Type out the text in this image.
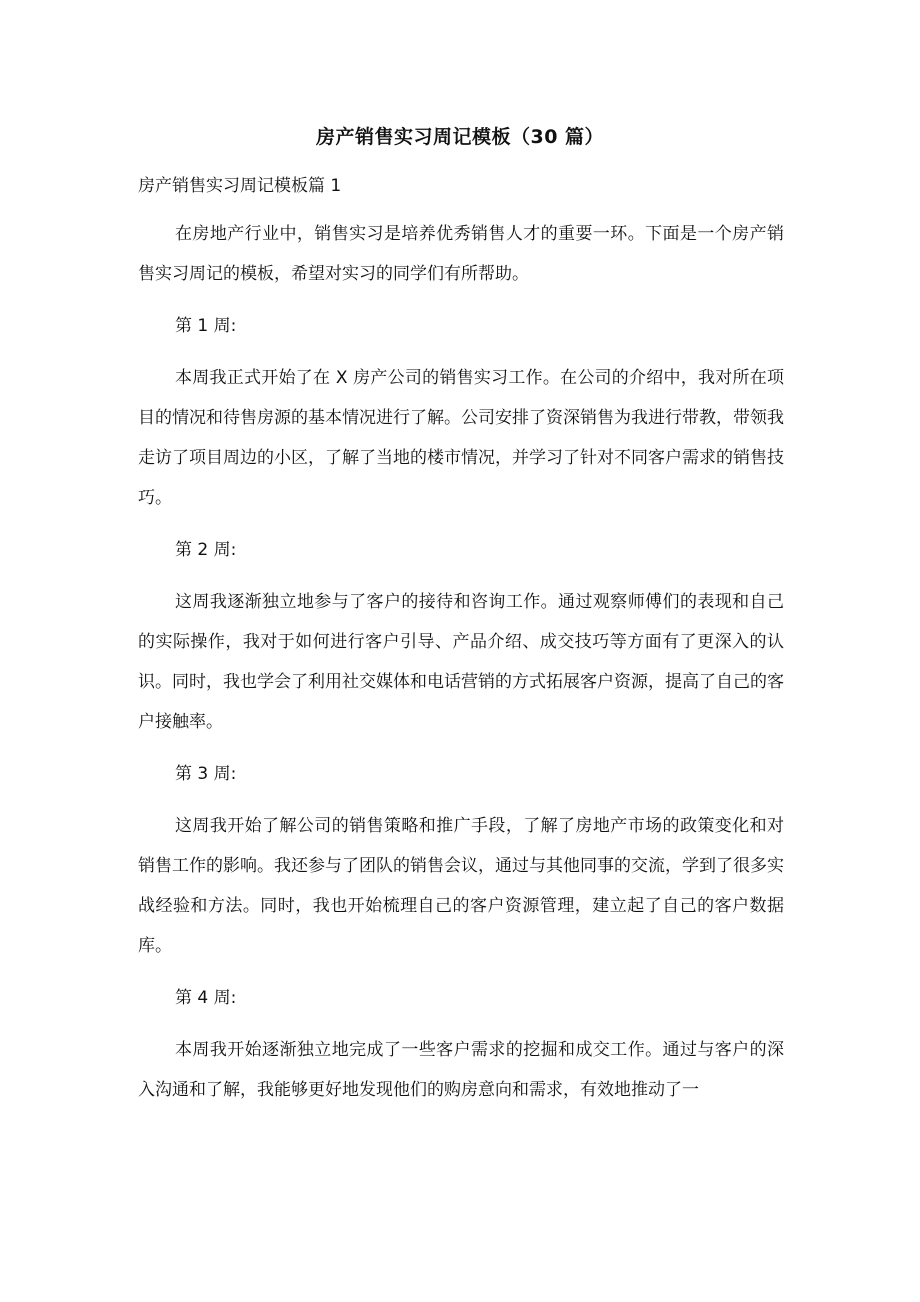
房产销售实习周记模板（30 篇）
房产销售实习周记模板篇 1

在房地产行业中，销售实习是培养优秀销售人才的重要一环。下面是一个房产销售实习周记的模板，希望对实习的同学们有所帮助。

第 1 周:

本周我正式开始了在 X 房产公司的销售实习工作。在公司的介绍中，我对所在项目的情况和待售房源的基本情况进行了解。公司安排了资深销售为我进行带教，带领我走访了项目周边的小区，了解了当地的楼市情况，并学习了针对不同客户需求的销售技巧。

第 2 周:

这周我逐渐独立地参与了客户的接待和咨询工作。通过观察师傅们的表现和自己的实际操作，我对于如何进行客户引导、产品介绍、成交技巧等方面有了更深入的认识。同时，我也学会了利用社交媒体和电话营销的方式拓展客户资源，提高了自己的客户接触率。

第 3 周:

这周我开始了解公司的销售策略和推广手段，了解了房地产市场的政策变化和对销售工作的影响。我还参与了团队的销售会议，通过与其他同事的交流，学到了很多实战经验和方法。同时，我也开始梳理自己的客户资源管理，建立起了自己的客户数据库。

第 4 周:

本周我开始逐渐独立地完成了一些客户需求的挖掘和成交工作。通过与客户的深入沟通和了解，我能够更好地发现他们的购房意向和需求，有效地推动了一
